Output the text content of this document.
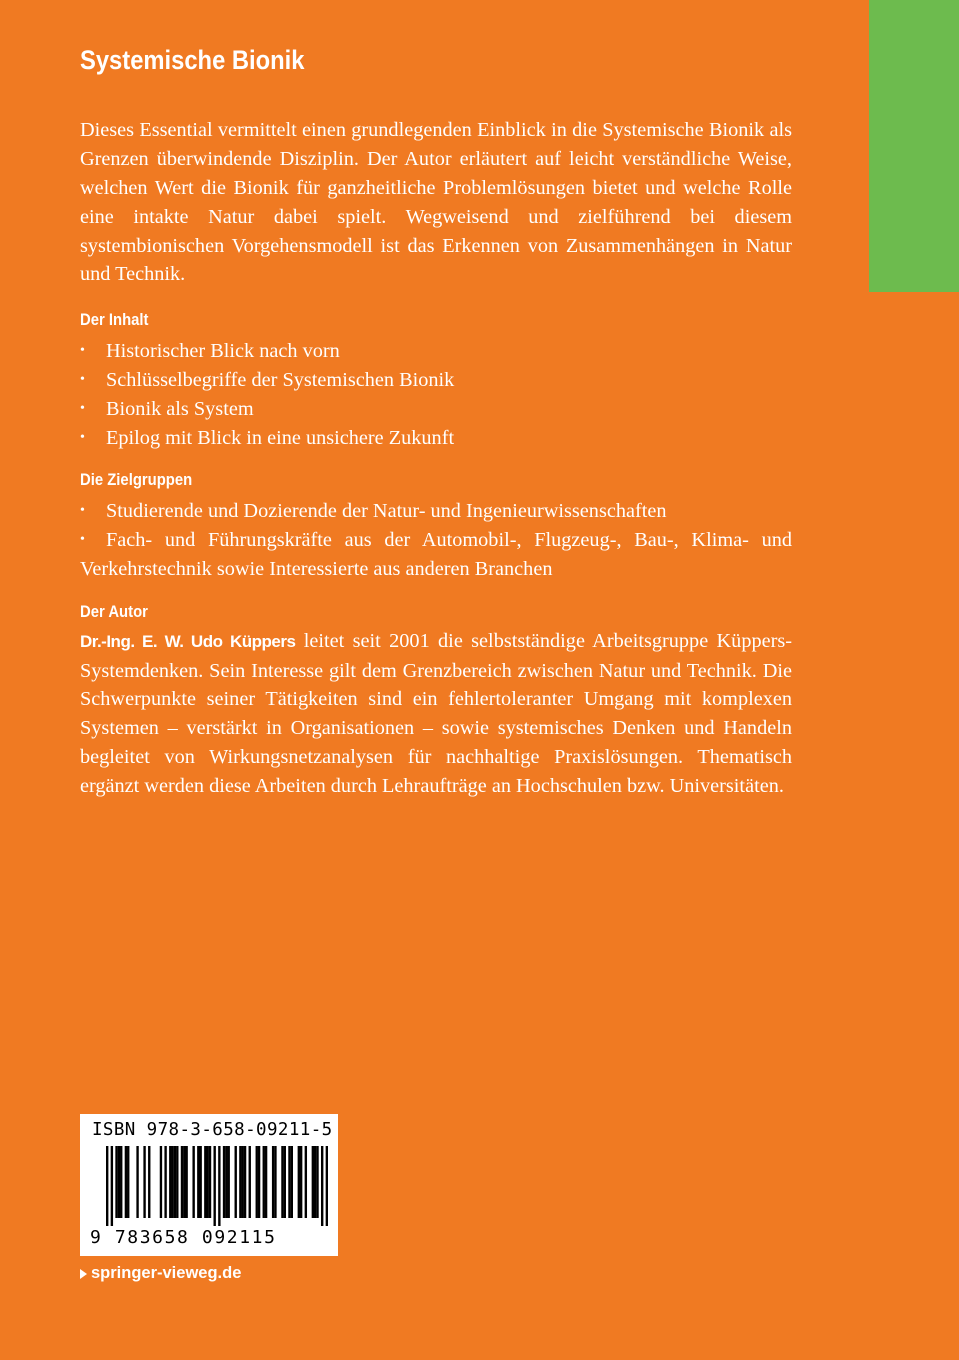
Systemische Bionik

Dieses Essential vermittelt einen grundlegenden Einblick in die Systemische Bionik als Grenzen überwindende Disziplin. Der Autor erläutert auf leicht verständliche Weise, welchen Wert die Bionik für ganzheitliche Problemlösungen bietet und welche Rolle eine intakte Natur dabei spielt. Wegweisend und zielführend bei diesem systembionischen Vorgehensmodell ist das Erkennen von Zusammenhängen in Natur und Technik.

Der Inhalt
• Historischer Blick nach vorn
• Schlüsselbegriffe der Systemischen Bionik
• Bionik als System
• Epilog mit Blick in eine unsichere Zukunft
Die Zielgruppen
• Studierende und Dozierende der Natur- und Ingenieurwissenschaften
• Fach- und Führungskräfte aus der Automobil-, Flugzeug-, Bau-, Klima- und Verkehrstechnik sowie Interessierte aus anderen Branchen
Der Autor

Dr.-Ing. E. W. Udo Küppers leitet seit 2001 die selbstständige Arbeitsgruppe Küppers-Systemdenken. Sein Interesse gilt dem Grenzbereich zwischen Natur und Technik. Die Schwerpunkte seiner Tätigkeiten sind ein fehlertoleranter Umgang mit komplexen Systemen – verstärkt in Organisationen – sowie systemisches Denken und Handeln begleitet von Wirkungsnetzanalysen für nachhaltige Praxislösungen. Thematisch ergänzt werden diese Arbeiten durch Lehraufträge an Hochschulen bzw. Universitäten.

ISBN 978-3-658-09211-5
9 783658 092115
springer-vieweg.de
